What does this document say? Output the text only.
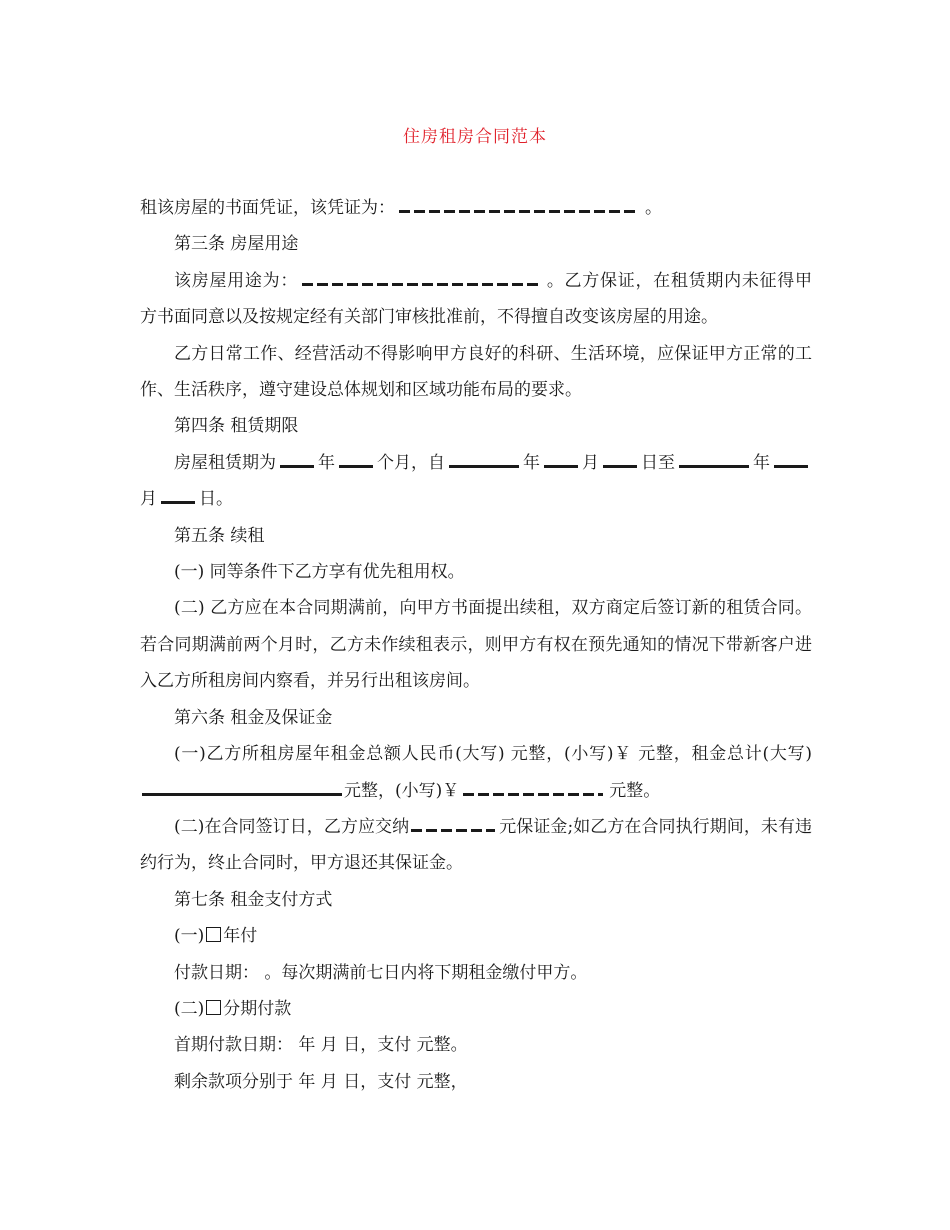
住房租房合同范本

租该房屋的书面凭证，该凭证为：	。

第三条 房屋用途

该房屋用途为：	。乙方保证，在租赁期内未征得甲方书面同意以及按规定经有关部门审核批准前，不得擅自改变该房屋的用途。

乙方日常工作、经营活动不得影响甲方良好的科研、生活环境，应保证甲方正常的工作、生活秩序，遵守建设总体规划和区域功能布局的要求。

第四条 租赁期限

房屋租赁期为 年 个月，自	年 月 日至	年月 日。

第五条 续租

(一) 同等条件下乙方享有优先租用权。

(二) 乙方应在本合同期满前，向甲方书面提出续租，双方商定后签订新的租赁合同。若合同期满前两个月时，乙方未作续租表示，则甲方有权在预先通知的情况下带新客户进入乙方所租房间内察看，并另行出租该房间。

第六条 租金及保证金

(一)乙方所租房屋年租金总额人民币(大写) 元整，(小写)￥ 元整，租金总计(大写)元整，(小写)￥	元整。

(二)在合同签订日，乙方应交纳	元保证金;如乙方在合同执行期间，未有违约行为，终止合同时，甲方退还其保证金。

第七条 租金支付方式

(一) 年付

付款日期： 。每次期满前七日内将下期租金缴付甲方。

(二) 分期付款

首期付款日期： 年 月 日，支付 元整。

剩余款项分别于 年 月 日，支付 元整，
